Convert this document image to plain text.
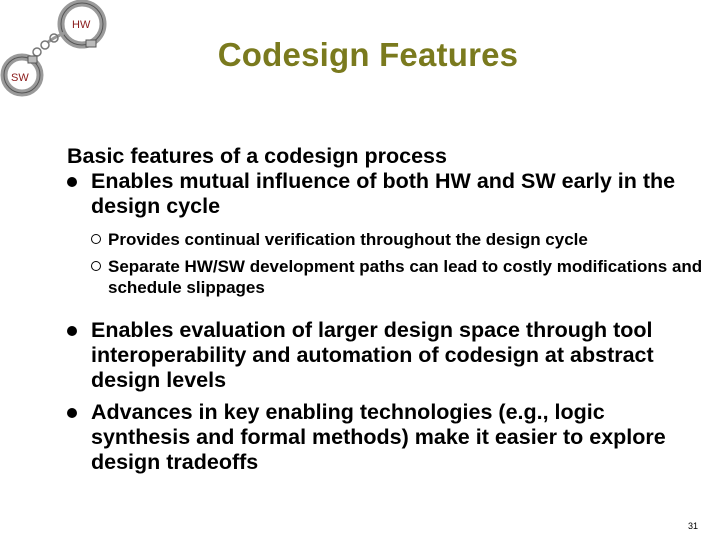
HW
SW
Codesign Features
Basic features of a codesign process
Enables mutual influence of both HW and SW early in the design cycle
Provides continual verification throughout the design cycle
Separate HW/SW development paths can lead to costly modifications and schedule slippages
Enables evaluation of larger design space through tool interoperability and automation of codesign at abstract design levels
Advances in key enabling technologies (e.g., logic synthesis and formal methods) make it easier to explore design tradeoffs
31
